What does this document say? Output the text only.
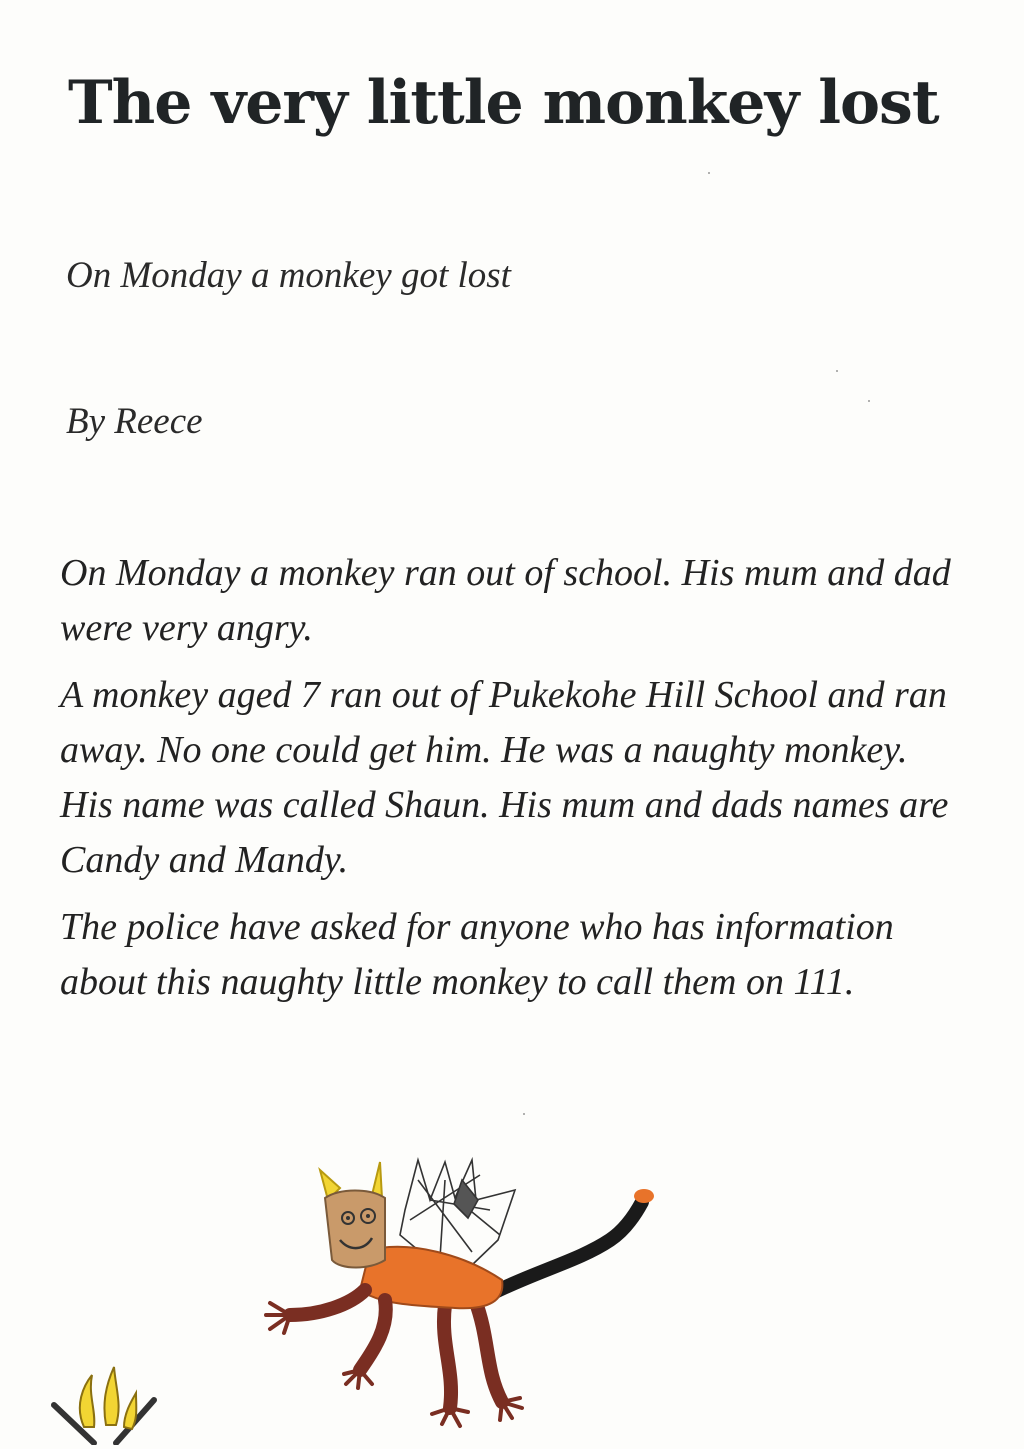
The very little monkey lost

On Monday a monkey got lost

By Reece

On Monday a monkey ran out of school. His mum and dad were very angry.

A monkey aged 7 ran out of Pukekohe Hill School and ran away. No one could get him. He was a naughty monkey. His name was called Shaun. His mum and dads names are Candy and Mandy.

The police have asked for anyone who has information about this naughty little monkey to call them on 111.
